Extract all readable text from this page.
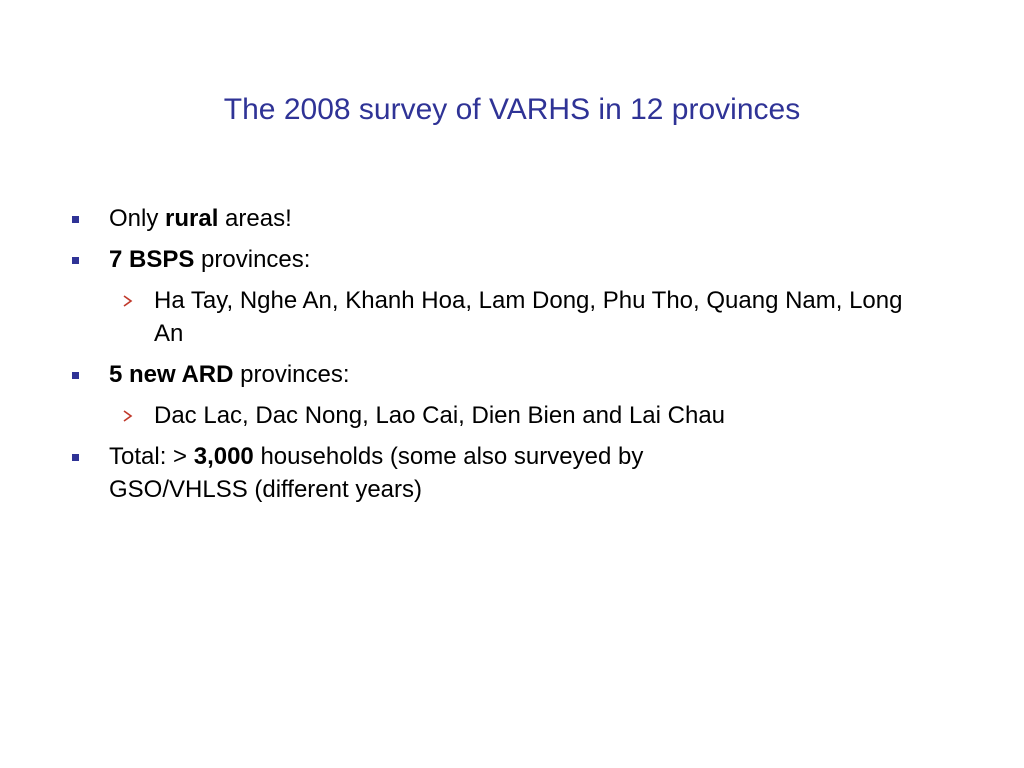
The 2008 survey of VARHS in 12 provinces
Only rural areas!
7 BSPS provinces:
Ha Tay, Nghe An, Khanh Hoa, Lam Dong, Phu Tho, Quang Nam, Long An
5 new ARD provinces:
Dac Lac, Dac Nong, Lao Cai, Dien Bien and Lai Chau
Total: > 3,000 households (some also surveyed by GSO/VHLSS (different years)
